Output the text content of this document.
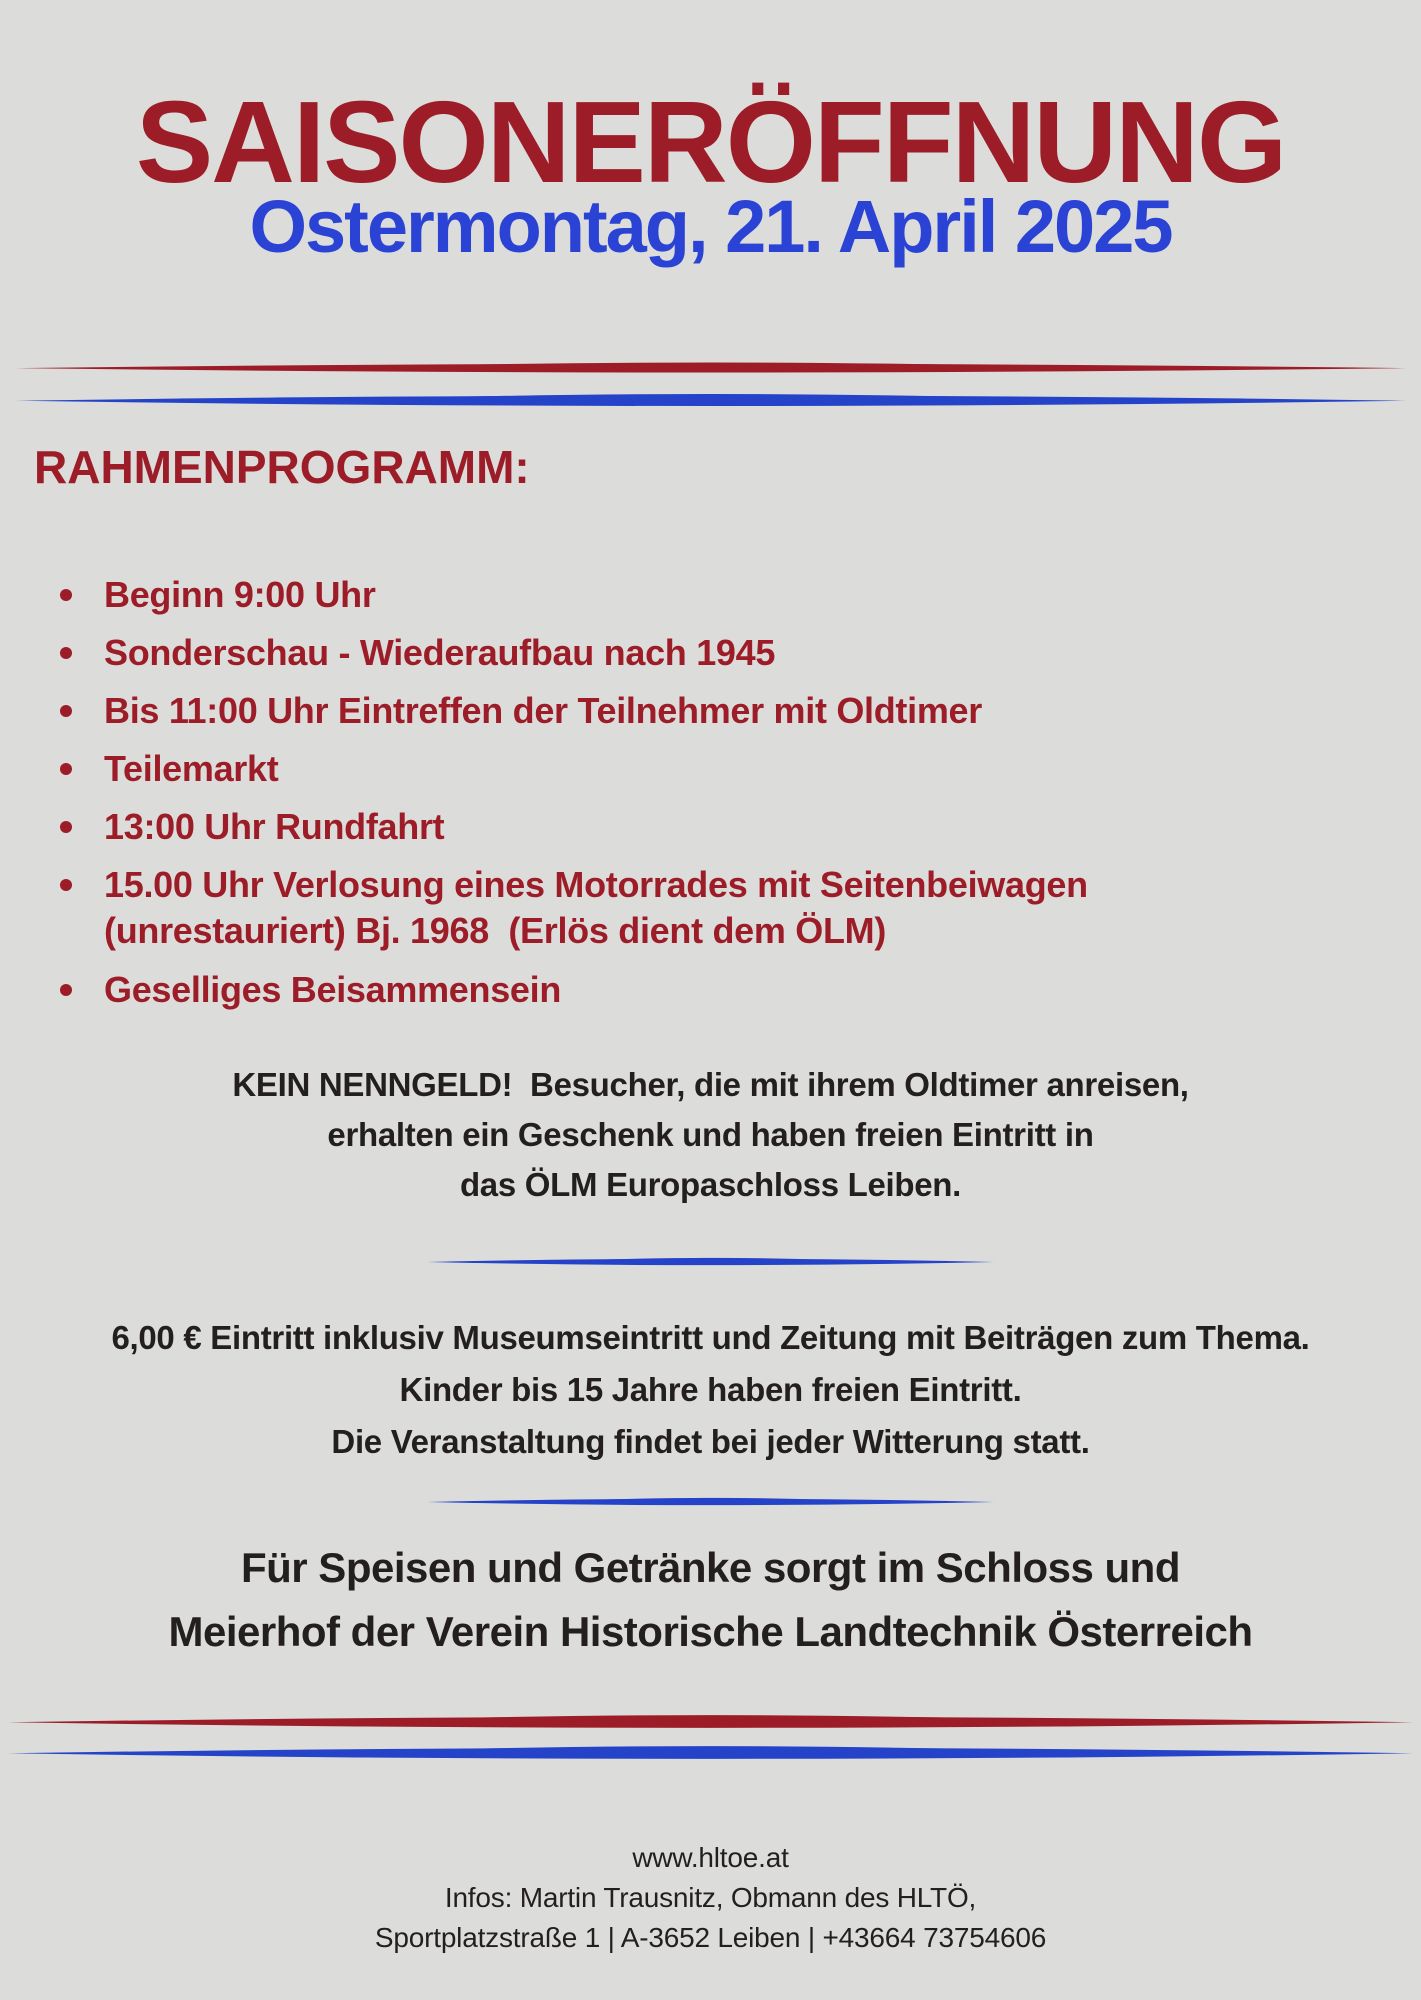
SAISONERÖFFNUNG
Ostermontag, 21. April 2025
RAHMENPROGRAMM:
Beginn 9:00 Uhr
Sonderschau - Wiederaufbau nach 1945
Bis 11:00 Uhr Eintreffen der Teilnehmer mit Oldtimer
Teilemarkt
13:00 Uhr Rundfahrt
15.00 Uhr Verlosung eines Motorrades mit Seitenbeiwagen (unrestauriert) Bj. 1968  (Erlös dient dem ÖLM)
Geselliges Beisammensein
KEIN NENNGELD!  Besucher, die mit ihrem Oldtimer anreisen,
erhalten ein Geschenk und haben freien Eintritt in
das ÖLM Europaschloss Leiben.
6,00 € Eintritt inklusiv Museumseintritt und Zeitung mit Beiträgen zum Thema.
Kinder bis 15 Jahre haben freien Eintritt.
Die Veranstaltung findet bei jeder Witterung statt.
Für Speisen und Getränke sorgt im Schloss und
Meierhof der Verein Historische Landtechnik Österreich
www.hltoe.at
Infos: Martin Trausnitz, Obmann des HLTÖ,
Sportplatzstraße 1 | A-3652 Leiben | +43664 73754606
